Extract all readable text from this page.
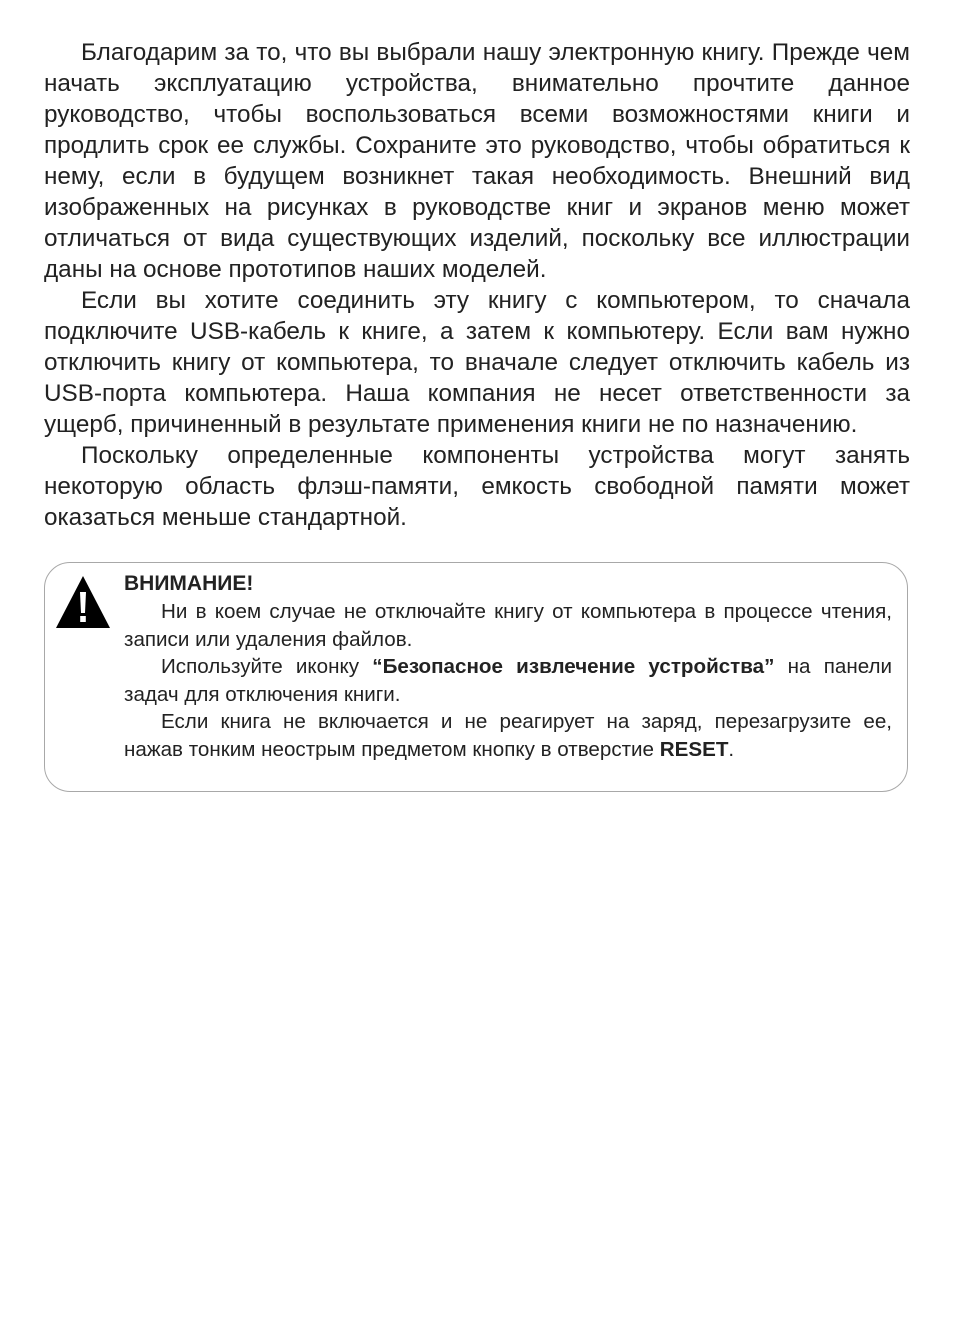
Благодарим за то, что вы выбрали нашу электронную книгу. Прежде чем начать эксплуатацию устройства, внимательно прочтите данное руководство, чтобы воспользоваться всеми возможностями книги и продлить срок ее службы. Сохраните это руководство, чтобы обратиться к нему, если в будущем возникнет такая необходимость. Внешний вид изображенных на рисунках в руководстве книг и экранов меню может отличаться от вида существующих изделий, поскольку все иллюстрации даны на основе прототипов наших моделей.

Если вы хотите соединить эту книгу с компьютером, то сначала подключите USB-кабель к книге, а затем к компьютеру. Если вам нужно отключить книгу от компьютера, то вначале следует отключить кабель из USB-порта компьютера. Наша компания не несет ответственности за ущерб, причиненный в результате применения книги не по назначению.

Поскольку определенные компоненты устройства могут занять некоторую область флэш-памяти, емкость свободной памяти может оказаться меньше стандартной.

ВНИМАНИЕ!

Ни в коем случае не отключайте книгу от компьютера в процессе чтения, записи или удаления файлов.

Используйте иконку “Безопасное извлечение устройства” на панели задач для отключения книги.

Если книга не включается и не реагирует на заряд, перезагрузите ее, нажав тонким неострым предметом кнопку в отверстие RESET.
